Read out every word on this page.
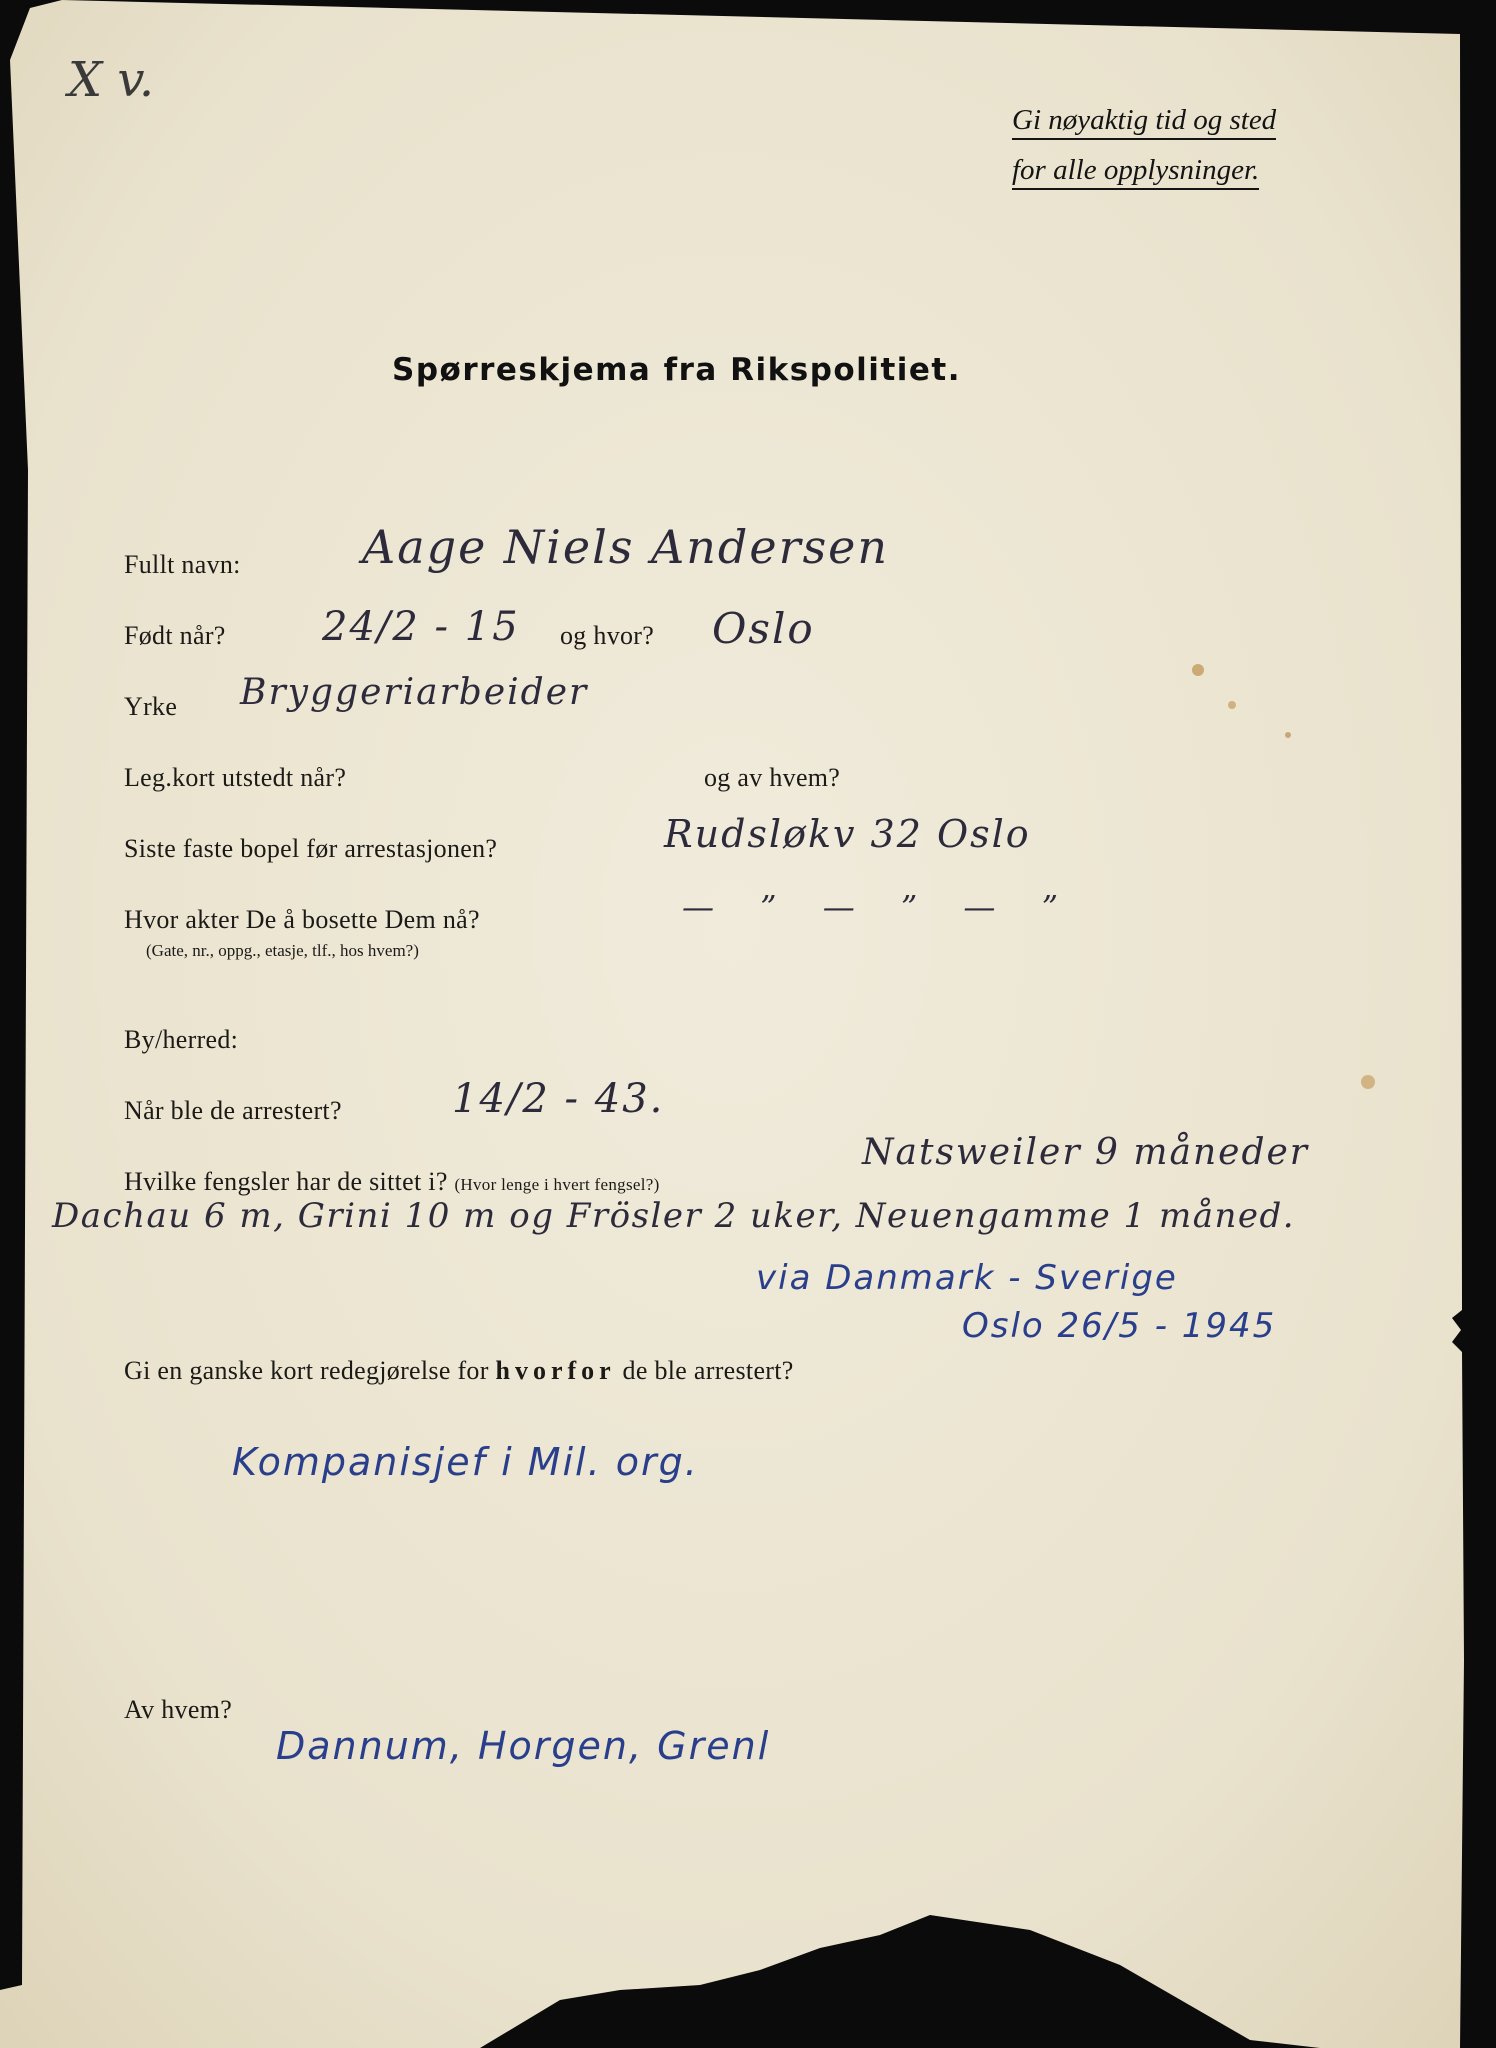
X v.
Gi nøyaktig tid og sted
for alle opplysninger.
Spørreskjema fra Rikspolitiet.
Fullt navn:	Aage Niels Andersen
Født når? 24/2 - 15 og hvor? Oslo
Yrke Bryggeriarbeider
Leg.kort utstedt når?	og av hvem?
Siste faste bopel før arrestasjonen?	Rudsløkv 32 Oslo
Hvor akter De å bosette Dem nå?
(Gate, nr., oppg., etasje, tlf., hos hvem?)
— ” — ” — ”
By/herred:
Når ble de arrestert?	14/2 - 43.
Hvilke fengsler har de sittet i? (Hvor lenge i hvert fengsel?)
Natsweiler 9 måneder
Dachau 6 m, Grini 10 m og Frösler 2 uker, Neuengamme 1 måned.
via Danmark - Sverige
Oslo 26/5 - 1945
Gi en ganske kort redegjørelse for hvorfor de ble arrestert?
Kompanisjef i Mil. org.
Av hvem?
Dannum, Horgen, Grenl
